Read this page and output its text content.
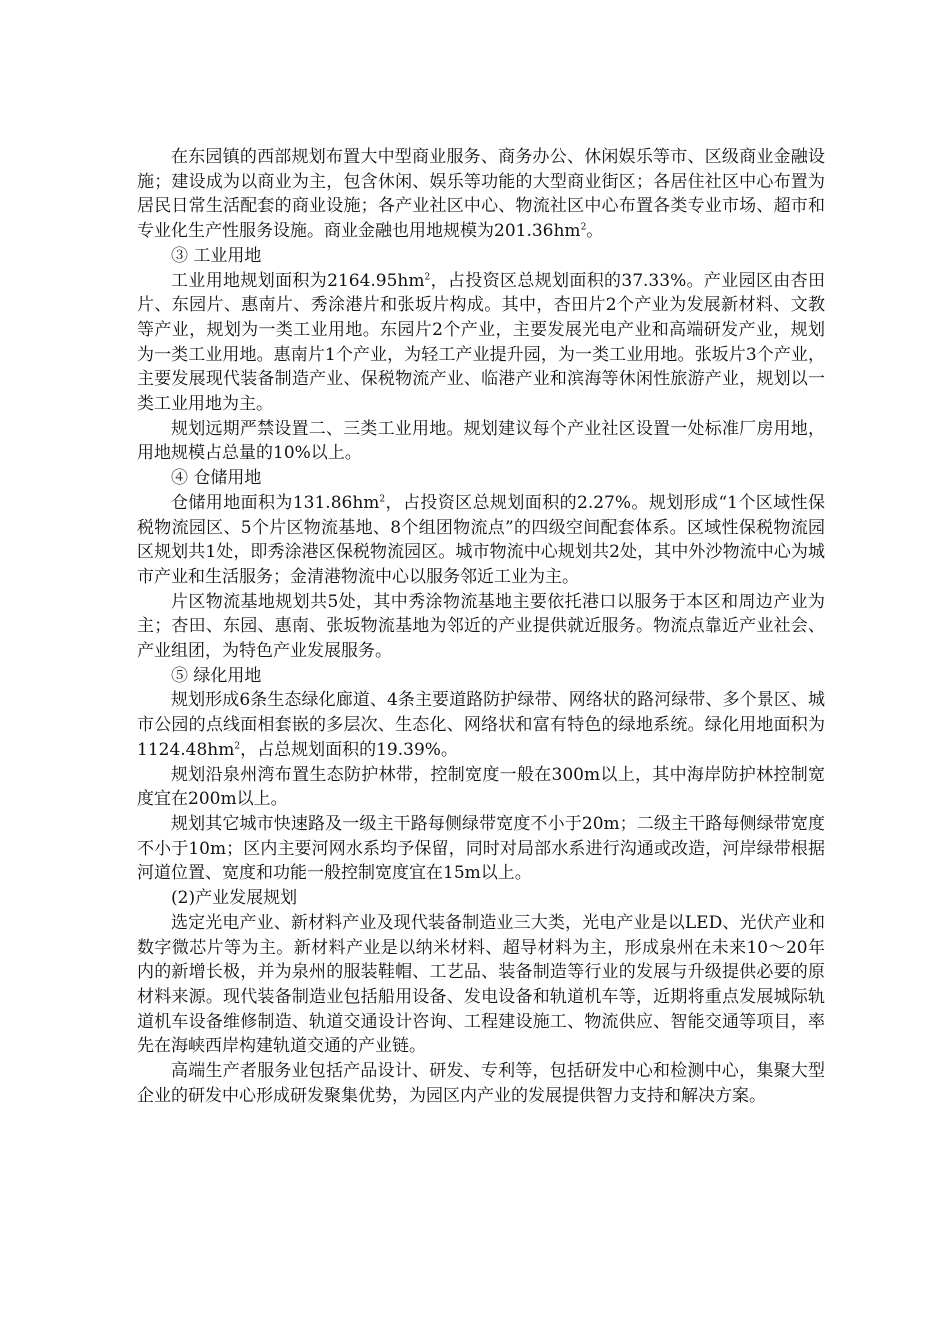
在东园镇的西部规划布置大中型商业服务、商务办公、休闲娱乐等市、区级商业金融设施；建设成为以商业为主，包含休闲、娱乐等功能的大型商业街区；各居住社区中心布置为居民日常生活配套的商业设施；各产业社区中心、物流社区中心布置各类专业市场、超市和专业化生产性服务设施。商业金融也用地规模为$201.36hm^2$。

③ 工业用地

工业用地规划面积为$2164.95hm^2$，占投资区总规划面积的37.33%。产业园区由杏田片、东园片、惠南片、秀涂港片和张坂片构成。其中，杏田片2个产业为发展新材料、文教等产业，规划为一类工业用地。东园片2个产业，主要发展光电产业和高端研发产业，规划为一类工业用地。惠南片1个产业，为轻工产业提升园，为一类工业用地。张坂片3个产业，主要发展现代装备制造产业、保税物流产业、临港产业和滨海等休闲性旅游产业，规划以一类工业用地为主。

规划远期严禁设置二、三类工业用地。规划建议每个产业社区设置一处标准厂房用地，用地规模占总量的10%以上。

④ 仓储用地

仓储用地面积为$131.86hm^2$，占投资区总规划面积的2.27%。规划形成“1个区域性保税物流园区、5个片区物流基地、8个组团物流点”的四级空间配套体系。区域性保税物流园区规划共1处，即秀涂港区保税物流园区。城市物流中心规划共2处，其中外沙物流中心为城市产业和生活服务；金清港物流中心以服务邻近工业为主。

片区物流基地规划共5处，其中秀涂物流基地主要依托港口以服务于本区和周边产业为主；杏田、东园、惠南、张坂物流基地为邻近的产业提供就近服务。物流点靠近产业社会、产业组团，为特色产业发展服务。

⑤ 绿化用地

规划形成6条生态绿化廊道、4条主要道路防护绿带、网络状的路河绿带、多个景区、城市公园的点线面相套嵌的多层次、生态化、网络状和富有特色的绿地系统。绿化用地面积为$1124.48hm^2$，占总规划面积的19.39%。

规划沿泉州湾布置生态防护林带，控制宽度一般在300m以上，其中海岸防护林控制宽度宜在200m以上。

规划其它城市快速路及一级主干路每侧绿带宽度不小于20m；二级主干路每侧绿带宽度不小于10m；区内主要河网水系均予保留，同时对局部水系进行沟通或改造，河岸绿带根据河道位置、宽度和功能一般控制宽度宜在15m以上。

(2)产业发展规划

选定光电产业、新材料产业及现代装备制造业三大类，光电产业是以LED、光伏产业和数字微芯片等为主。新材料产业是以纳米材料、超导材料为主，形成泉州在未来10～20年内的新增长极，并为泉州的服装鞋帽、工艺品、装备制造等行业的发展与升级提供必要的原材料来源。现代装备制造业包括船用设备、发电设备和轨道机车等，近期将重点发展城际轨道机车设备维修制造、轨道交通设计咨询、工程建设施工、物流供应、智能交通等项目，率先在海峡西岸构建轨道交通的产业链。

高端生产者服务业包括产品设计、研发、专利等，包括研发中心和检测中心，集聚大型企业的研发中心形成研发聚集优势，为园区内产业的发展提供智力支持和解决方案。
